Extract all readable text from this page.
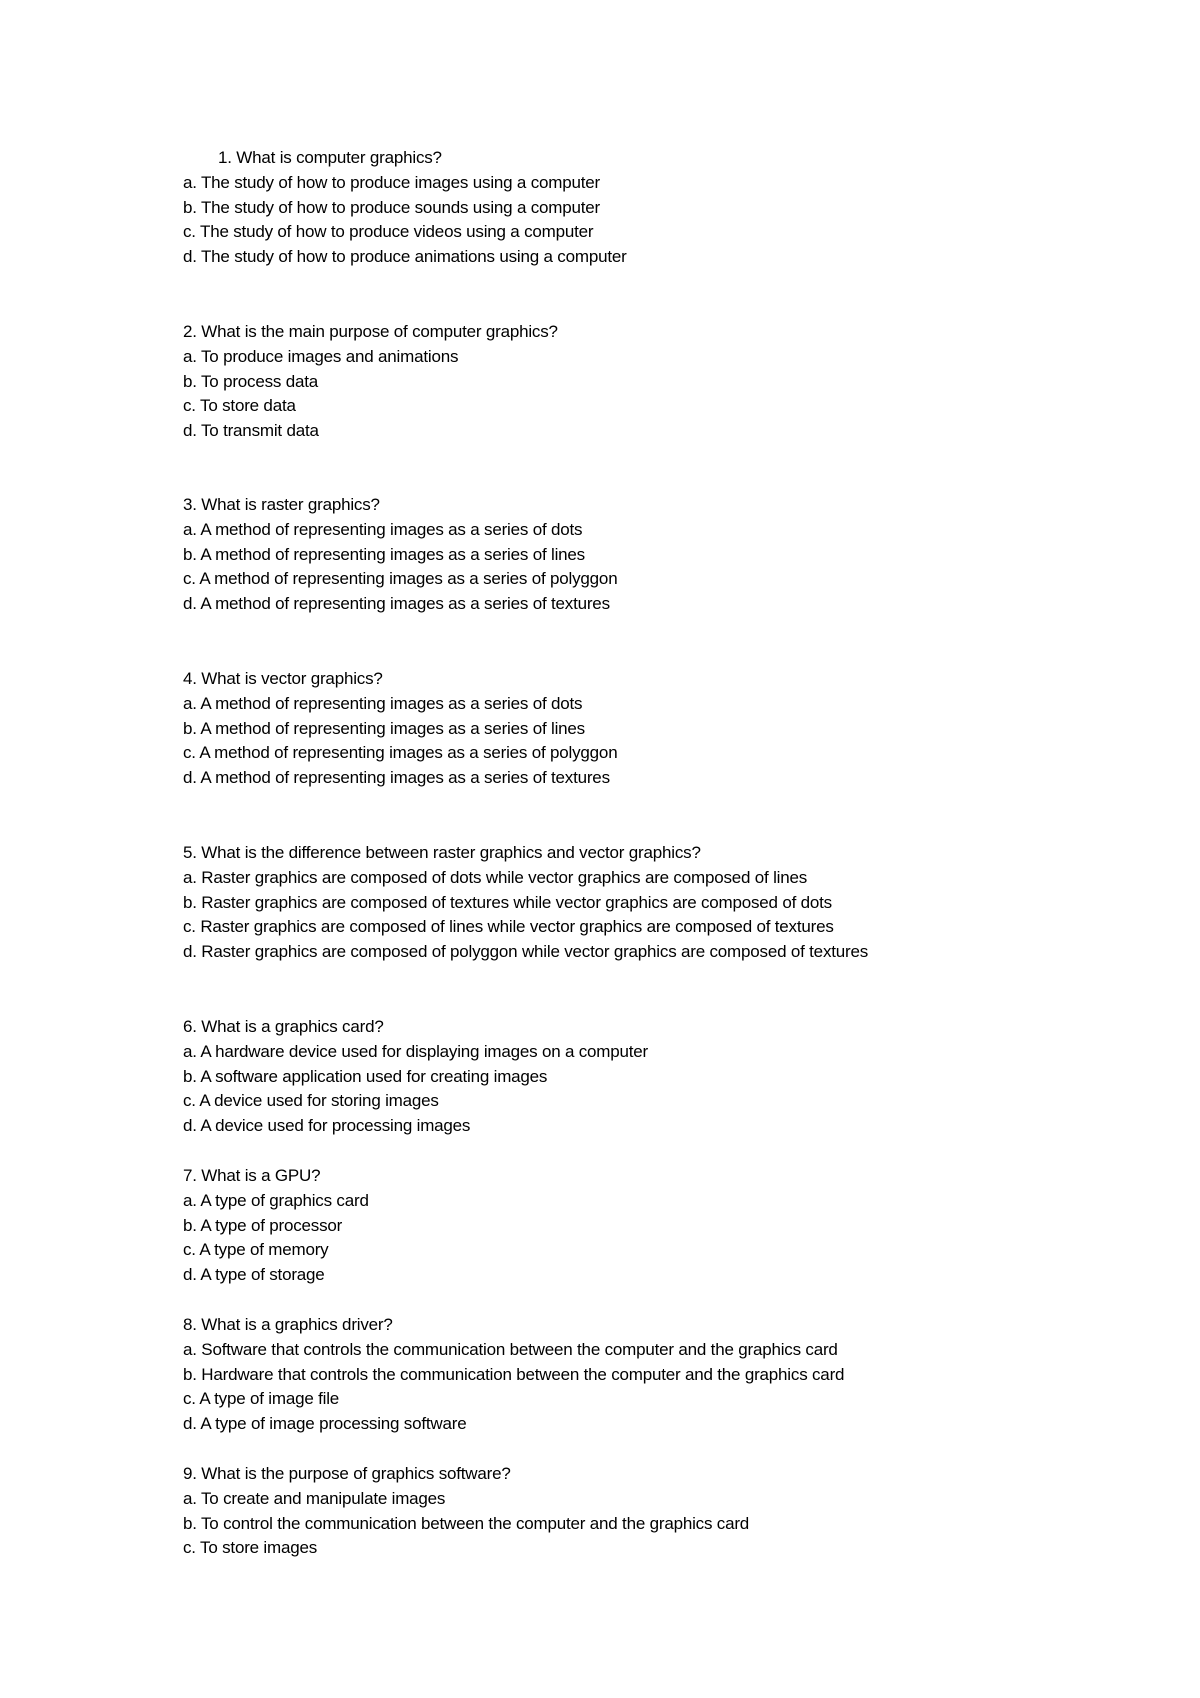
1. What is computer graphics?
a. The study of how to produce images using a computer
b. The study of how to produce sounds using a computer
c. The study of how to produce videos using a computer
d. The study of how to produce animations using a computer
2. What is the main purpose of computer graphics?
a. To produce images and animations
b. To process data
c. To store data
d. To transmit data
3. What is raster graphics?
a. A method of representing images as a series of dots
b. A method of representing images as a series of lines
c. A method of representing images as a series of polyggon
d. A method of representing images as a series of textures
4. What is vector graphics?
a. A method of representing images as a series of dots
b. A method of representing images as a series of lines
c. A method of representing images as a series of polyggon
d. A method of representing images as a series of textures
5. What is the difference between raster graphics and vector graphics?
a. Raster graphics are composed of dots while vector graphics are composed of lines
b. Raster graphics are composed of textures while vector graphics are composed of dots
c. Raster graphics are composed of lines while vector graphics are composed of textures
d. Raster graphics are composed of polyggon while vector graphics are composed of textures
6. What is a graphics card?
a. A hardware device used for displaying images on a computer
b. A software application used for creating images
c. A device used for storing images
d. A device used for processing images
7. What is a GPU?
a. A type of graphics card
b. A type of processor
c. A type of memory
d. A type of storage
8. What is a graphics driver?
a. Software that controls the communication between the computer and the graphics card
b. Hardware that controls the communication between the computer and the graphics card
c. A type of image file
d. A type of image processing software
9. What is the purpose of graphics software?
a. To create and manipulate images
b. To control the communication between the computer and the graphics card
c. To store images
